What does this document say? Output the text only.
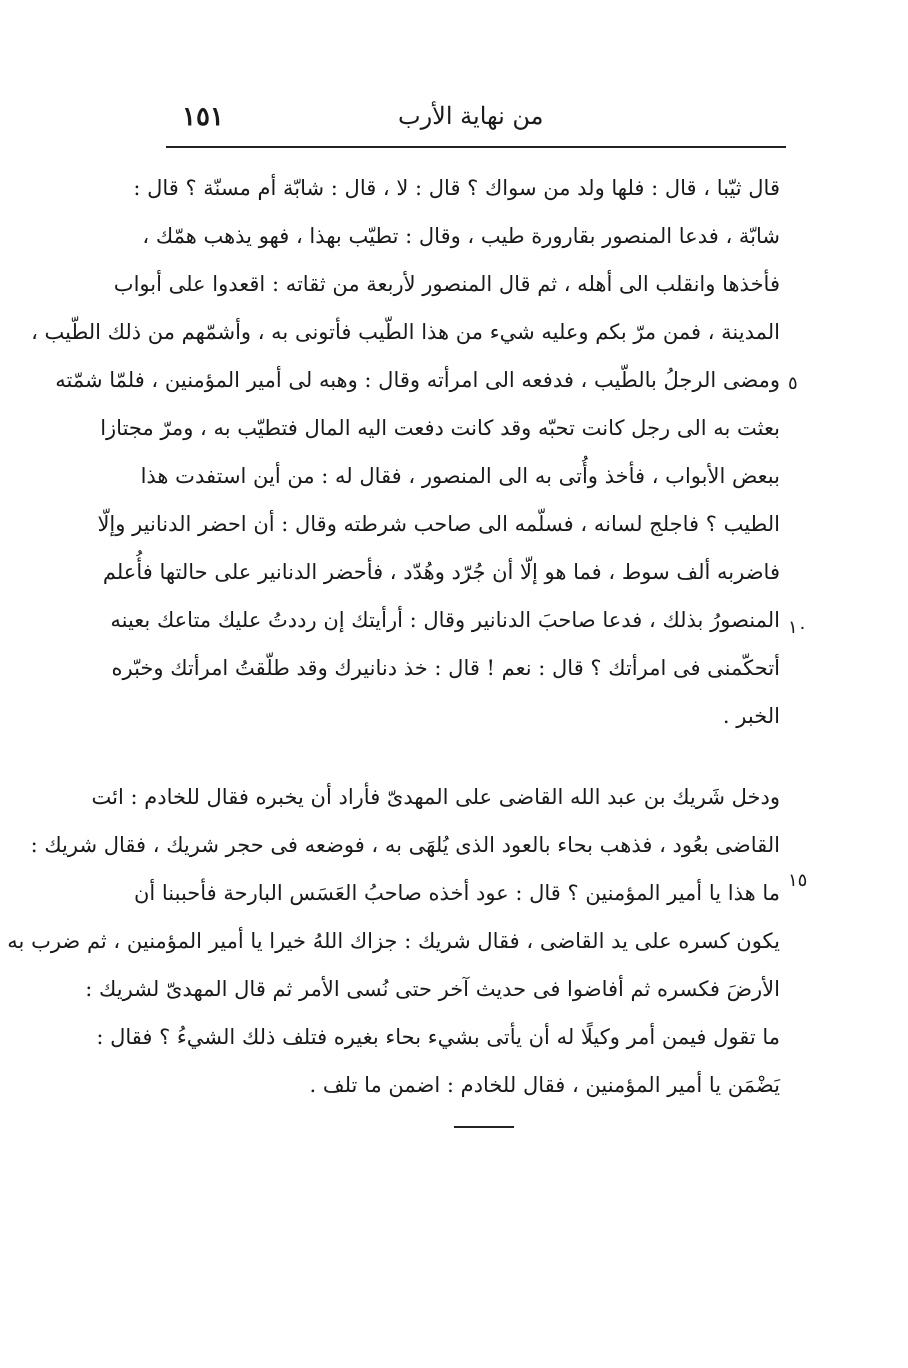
١٥١	من نهاية الأرب
٥
١٠
١٥
قال ثيّبا ، قال : فلها ولد من سواك ؟ قال : لا ، قال : شابّة أم مسنّة ؟ قال :
شابّة ، فدعا المنصور بقارورة طيب ، وقال : تطيّب بهذا ، فهو يذهب همّك ،
فأخذها وانقلب الى أهله ، ثم قال المنصور لأربعة من ثقاته : اقعدوا على أبواب
المدينة ، فمن مرّ بكم وعليه شيء من هذا الطّيب فأتونى به ، وأشمّهم من ذلك الطّيب ،
ومضى الرجلُ بالطّيب ، فدفعه الى امرأته وقال : وهبه لى أمير المؤمنين ، فلمّا شمّته
بعثت به الى رجل كانت تحبّه وقد كانت دفعت اليه المال فتطيّب به ، ومرّ مجتازا
ببعض الأبواب ، فأخذ وأُتى به الى المنصور ، فقال له : من أين استفدت هذا
الطيب ؟ فاجلج لسانه ، فسلّمه الى صاحب شرطته وقال : أن احضر الدنانير وإلّا
فاضربه ألف سوط ، فما هو إلّا أن جُرّد وهُدّد ، فأحضر الدنانير على حالتها فأُعلم
المنصورُ بذلك ، فدعا صاحبَ الدنانير وقال : أرأيتك إن رددتُ عليك متاعك بعينه
أتحكّمنى فى امرأتك ؟ قال : نعم ! قال : خذ دنانيرك وقد طلّقتُ امرأتك وخبّره
الخبر .
ودخل شَريك بن عبد الله القاضى على المهدىّ فأراد أن يخبره فقال للخادم : ائت
القاضى بعُود ، فذهب بحاء بالعود الذى يُلهَى به ، فوضعه فى حجر شريك ، فقال شريك :
ما هذا يا أمير المؤمنين ؟ قال : عود أخذه صاحبُ العَسَس البارحة فأحببنا أن
يكون كسره على يد القاضى ، فقال شريك : جزاك اللهُ خيرا يا أمير المؤمنين ، ثم ضرب به
الأرضَ فكسره ثم أفاضوا فى حديث آخر حتى نُسى الأمر ثم قال المهدىّ لشريك :
ما تقول فيمن أمر وكيلًا له أن يأتى بشيء بحاء بغيره فتلف ذلك الشيءُ ؟ فقال :
يَضْمَن يا أمير المؤمنين ، فقال للخادم : اضمن ما تلف .
